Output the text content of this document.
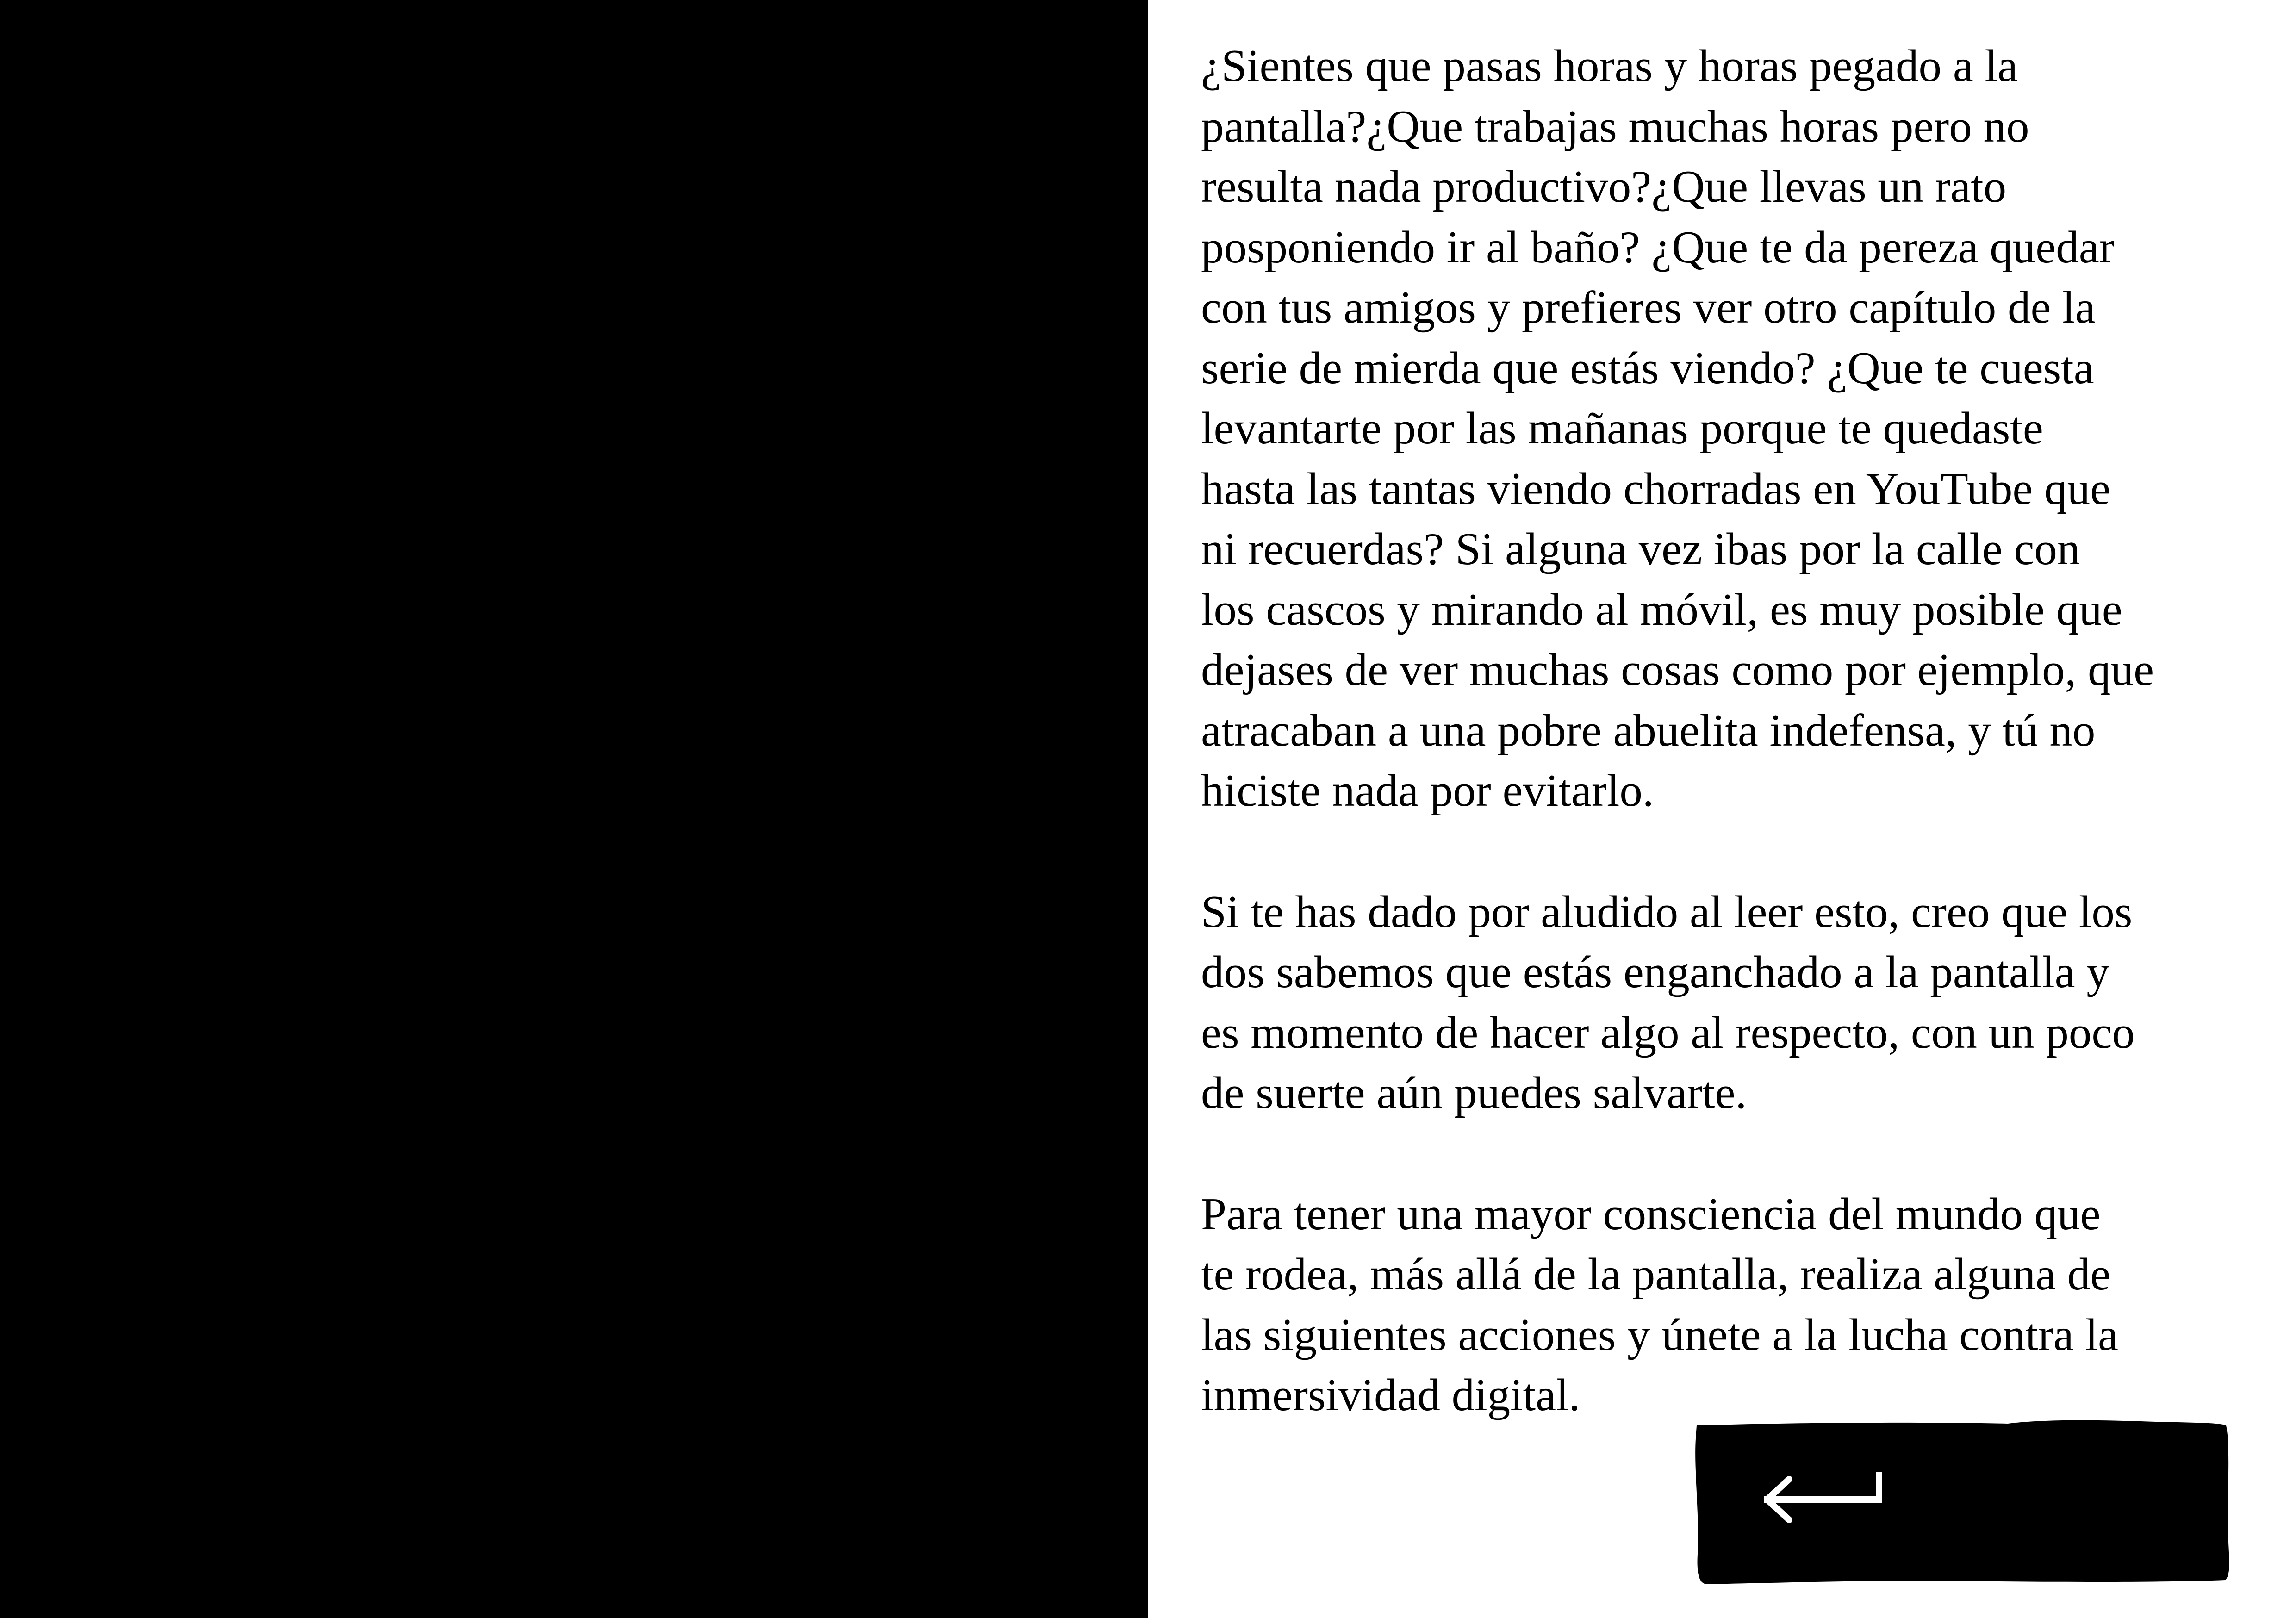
¿Sientes que pasas horas y horas pegado a la
pantalla?¿Que trabajas muchas horas pero no
resulta nada productivo?¿Que llevas un rato
posponiendo ir al baño? ¿Que te da pereza quedar
con tus amigos y prefieres ver otro capítulo de la
serie de mierda que estás viendo? ¿Que te cuesta
levantarte por las mañanas porque te quedaste
hasta las tantas viendo chorradas en YouTube que
ni recuerdas? Si alguna vez ibas por la calle con
los cascos y mirando al móvil, es muy posible que
dejases de ver muchas cosas como por ejemplo, que
atracaban a una pobre abuelita indefensa, y tú no
hiciste nada por evitarlo.

Si te has dado por aludido al leer esto, creo que los
dos sabemos que estás enganchado a la pantalla y
es momento de hacer algo al respecto, con un poco
de suerte aún puedes salvarte.

Para tener una mayor consciencia del mundo que
te rodea, más allá de la pantalla, realiza alguna de
las siguientes acciones y únete a la lucha contra la
inmersividad digital.
